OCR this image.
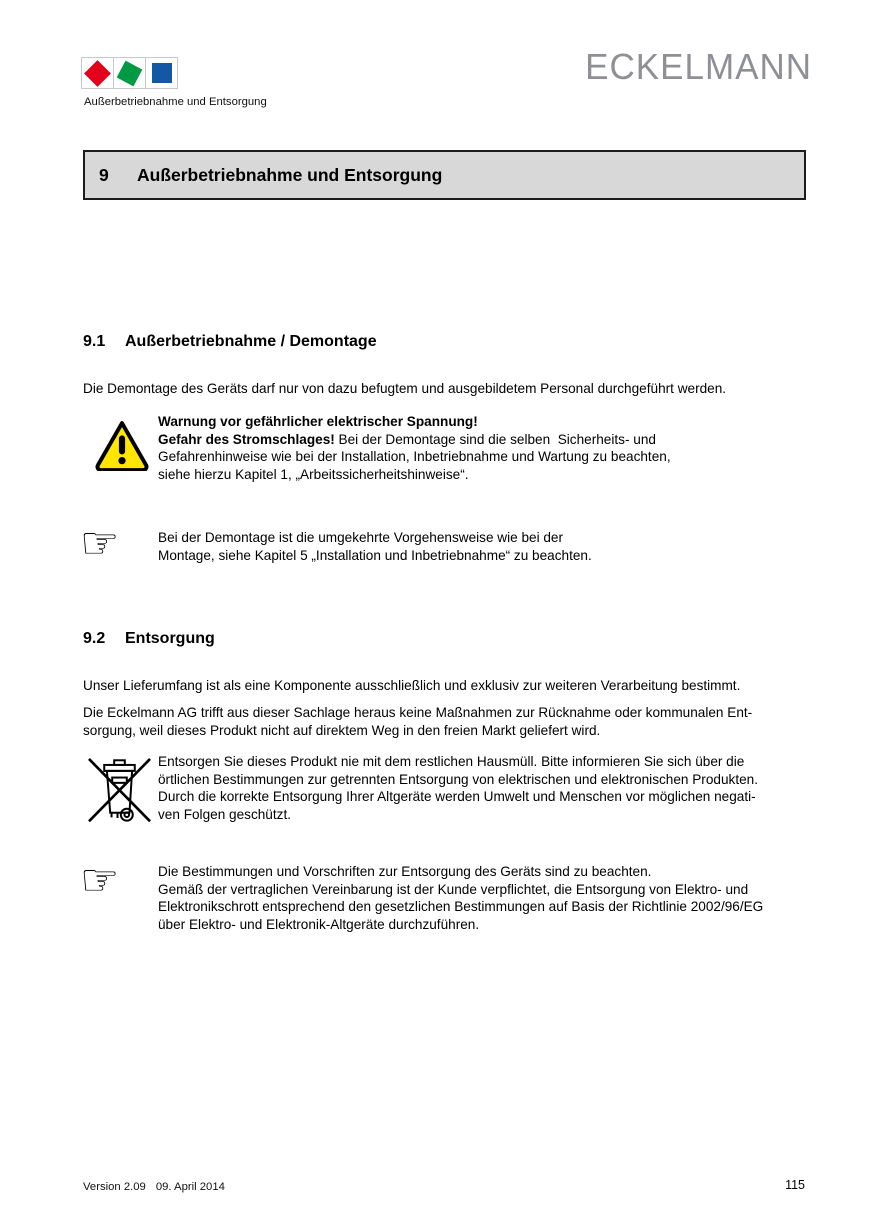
Außerbetriebnahme und Entsorgung
ECKELMANN
9	Außerbetriebnahme und Entsorgung
9.1	Außerbetriebnahme / Demontage
Die Demontage des Geräts darf nur von dazu befugtem und ausgebildetem Personal durchgeführt werden.
Warnung vor gefährlicher elektrischer Spannung!
Gefahr des Stromschlages! Bei der Demontage sind die selben  Sicherheits- und
Gefahrenhinweise wie bei der Installation, Inbetriebnahme und Wartung zu beachten,
siehe hierzu Kapitel 1, „Arbeitssicherheitshinweise“.
☞	Bei der Demontage ist die umgekehrte Vorgehensweise wie bei der
Montage, siehe Kapitel 5 „Installation und Inbetriebnahme“ zu beachten.
9.2	Entsorgung
Unser Lieferumfang ist als eine Komponente ausschließlich und exklusiv zur weiteren Verarbeitung bestimmt.
Die Eckelmann AG trifft aus dieser Sachlage heraus keine Maßnahmen zur Rücknahme oder kommunalen Ent-
sorgung, weil dieses Produkt nicht auf direktem Weg in den freien Markt geliefert wird.
Entsorgen Sie dieses Produkt nie mit dem restlichen Hausmüll. Bitte informieren Sie sich über die
örtlichen Bestimmungen zur getrennten Entsorgung von elektrischen und elektronischen Produkten.
Durch die korrekte Entsorgung Ihrer Altgeräte werden Umwelt und Menschen vor möglichen negati-
ven Folgen geschützt.
☞	Die Bestimmungen und Vorschriften zur Entsorgung des Geräts sind zu beachten.
Gemäß der vertraglichen Vereinbarung ist der Kunde verpflichtet, die Entsorgung von Elektro- und
Elektronikschrott entsprechend den gesetzlichen Bestimmungen auf Basis der Richtlinie 2002/96/EG
über Elektro- und Elektronik-Altgeräte durchzuführen.
Version 2.09 09. April 2014	115
